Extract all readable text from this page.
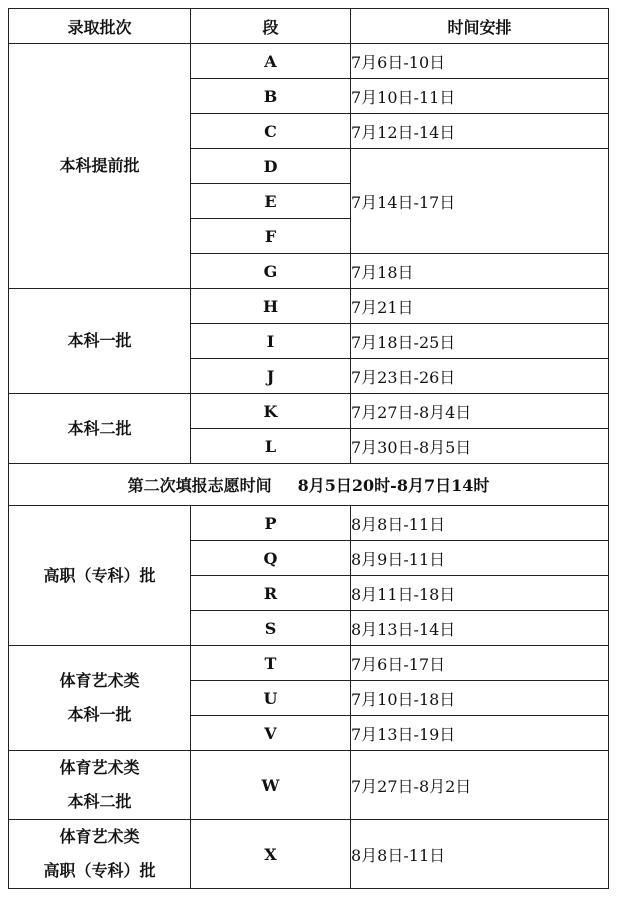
录取批次	段	时间安排
本科提前批	A	7月6日-10日
	B	7月10日-11日
	C	7月12日-14日
	D	7月14日-17日
	E	
	F	
	G	7月18日
本科一批	H	7月21日
	I	7月18日-25日
	J	7月23日-26日
本科二批	K	7月27日-8月4日
	L	7月30日-8月5日
第二次填报志愿时间 8月5日20时-8月7日14时		
高职（专科）批	P	8月8日-11日
	Q	8月9日-11日
	R	8月11日-18日
	S	8月13日-14日

体育艺术类
本科一批	T	7月6日-17日
	U	7月10日-18日
	V	7月13日-19日

体育艺术类
本科二批	W	7月27日-8月2日

体育艺术类
高职（专科）批	X	8月8日-11日
